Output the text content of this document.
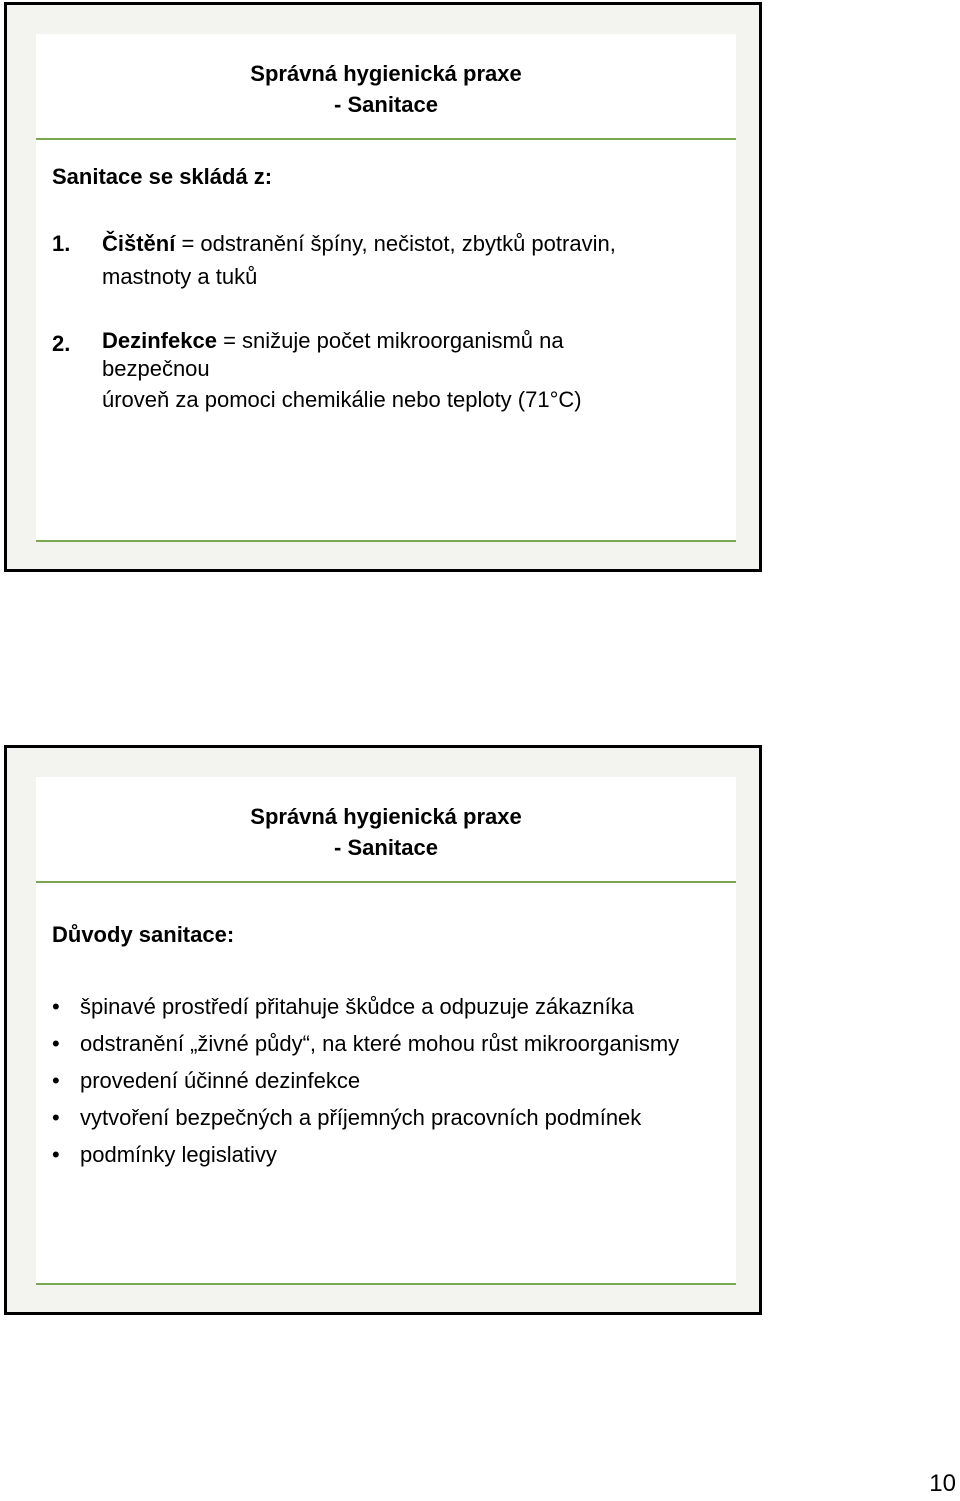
Správná hygienická praxe
- Sanitace
Sanitace se skládá z:
1. Čištění = odstranění špíny, nečistot, zbytků potravin,
mastnoty a tuků
2. Dezinfekce = snižuje počet mikroorganismů na
bezpečnou
úroveň za pomoci chemikálie nebo teploty (71°C)
Správná hygienická praxe
- Sanitace
Důvody sanitace:
• špinavé prostředí přitahuje škůdce a odpuzuje zákazníka
• odstranění „živné půdy“, na které mohou růst mikroorganismy
• provedení účinné dezinfekce
• vytvoření bezpečných a příjemných pracovních podmínek
• podmínky legislativy
10
